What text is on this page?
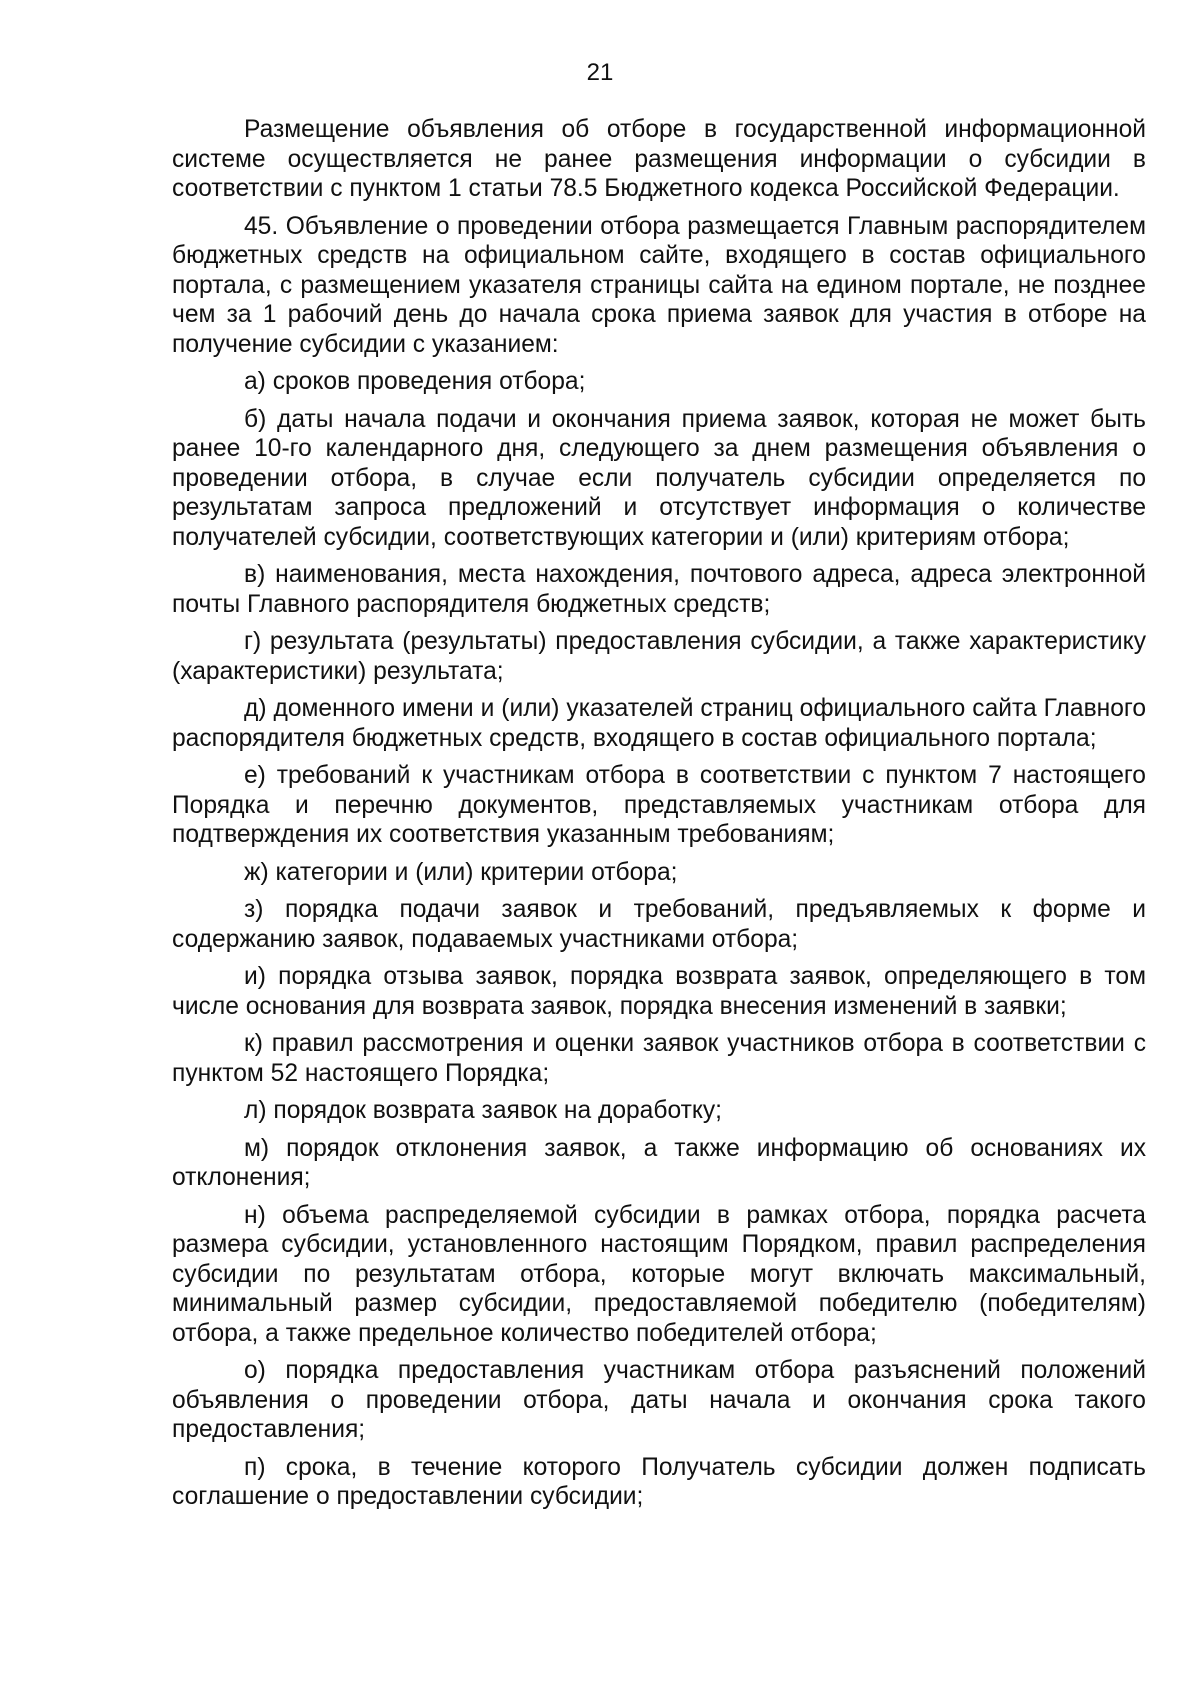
21

Размещение объявления об отборе в государственной информационной системе осуществляется не ранее размещения информации о субсидии в соответствии с пунктом 1 статьи 78.5 Бюджетного кодекса Российской Федерации.

45. Объявление о проведении отбора размещается Главным распорядителем бюджетных средств на официальном сайте, входящего в состав официального портала, с размещением указателя страницы сайта на едином портале, не позднее чем за 1 рабочий день до начала срока приема заявок для участия в отборе на получение субсидии с указанием:

а) сроков проведения отбора;

б) даты начала подачи и окончания приема заявок, которая не может быть ранее 10-го календарного дня, следующего за днем размещения объявления о проведении отбора, в случае если получатель субсидии определяется по результатам запроса предложений и отсутствует информация о количестве получателей субсидии, соответствующих категории и (или) критериям отбора;

в) наименования, места нахождения, почтового адреса, адреса электронной почты Главного распорядителя бюджетных средств;

г) результата (результаты) предоставления субсидии, а также характеристику (характеристики) результата;

д) доменного имени и (или) указателей страниц официального сайта Главного распорядителя бюджетных средств, входящего в состав официального портала;

е) требований к участникам отбора в соответствии с пунктом 7 настоящего Порядка и перечню документов, представляемых участникам отбора для подтверждения их соответствия указанным требованиям;

ж) категории и (или) критерии отбора;

з) порядка подачи заявок и требований, предъявляемых к форме и содержанию заявок, подаваемых участниками отбора;

и) порядка отзыва заявок, порядка возврата заявок, определяющего в том числе основания для возврата заявок, порядка внесения изменений в заявки;

к) правил рассмотрения и оценки заявок участников отбора в соответствии с пунктом 52 настоящего Порядка;

л) порядок возврата заявок на доработку;

м) порядок отклонения заявок, а также информацию об основаниях их отклонения;

н) объема распределяемой субсидии в рамках отбора, порядка расчета размера субсидии, установленного настоящим Порядком, правил распределения субсидии по результатам отбора, которые могут включать максимальный, минимальный размер субсидии, предоставляемой победителю (победителям) отбора, а также предельное количество победителей отбора;

о) порядка предоставления участникам отбора разъяснений положений объявления о проведении отбора, даты начала и окончания срока такого предоставления;

п) срока, в течение которого Получатель субсидии должен подписать соглашение о предоставлении субсидии;
